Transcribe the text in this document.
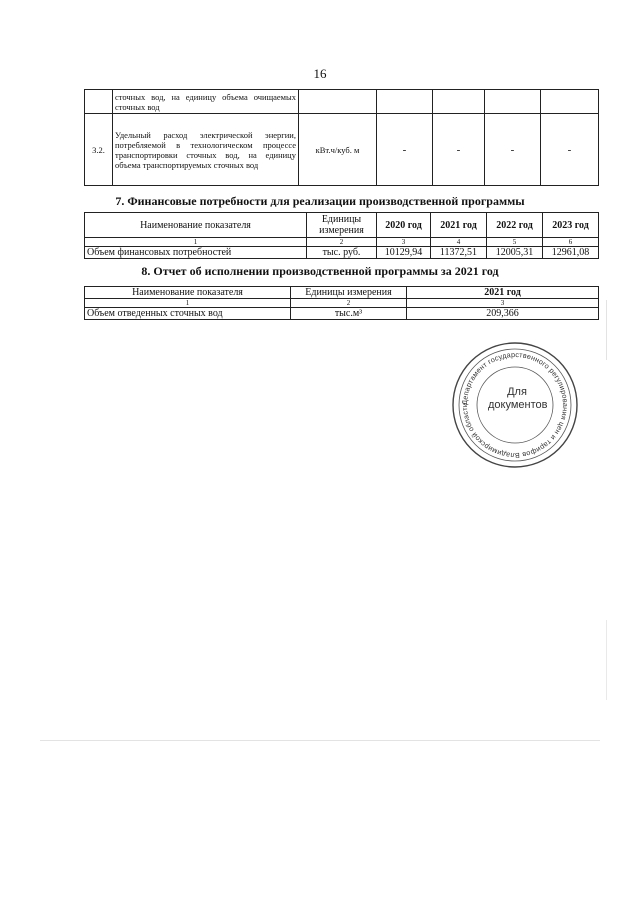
16
	сточных вод, на единицу объема очищаемых сточных вод					
3.2.	Удельный расход электрической энергии, потребляемой в технологическом процессе транспортировки сточных вод, на единицу объема транспортируемых сточных вод	кВт.ч/куб. м	-	-	-	-
7. Финансовые потребности для реализации производственной программы
Наименование показателя	Единицы измерения	2020 год	2021 год	2022 год	2023 год
1	2	3	4	5	6
Объем финансовых потребностей	тыс. руб.	10129,94	11372,51	12005,31	12961,08
8. Отчет об исполнении производственной программы за 2021 год
Наименование показателя	Единицы измерения	2021 год
1	2	3
Объем отведенных сточных вод	тыс.м³	209,366
Департамент государственного регулирования цен и тарифов Владимирской области
Для документов
